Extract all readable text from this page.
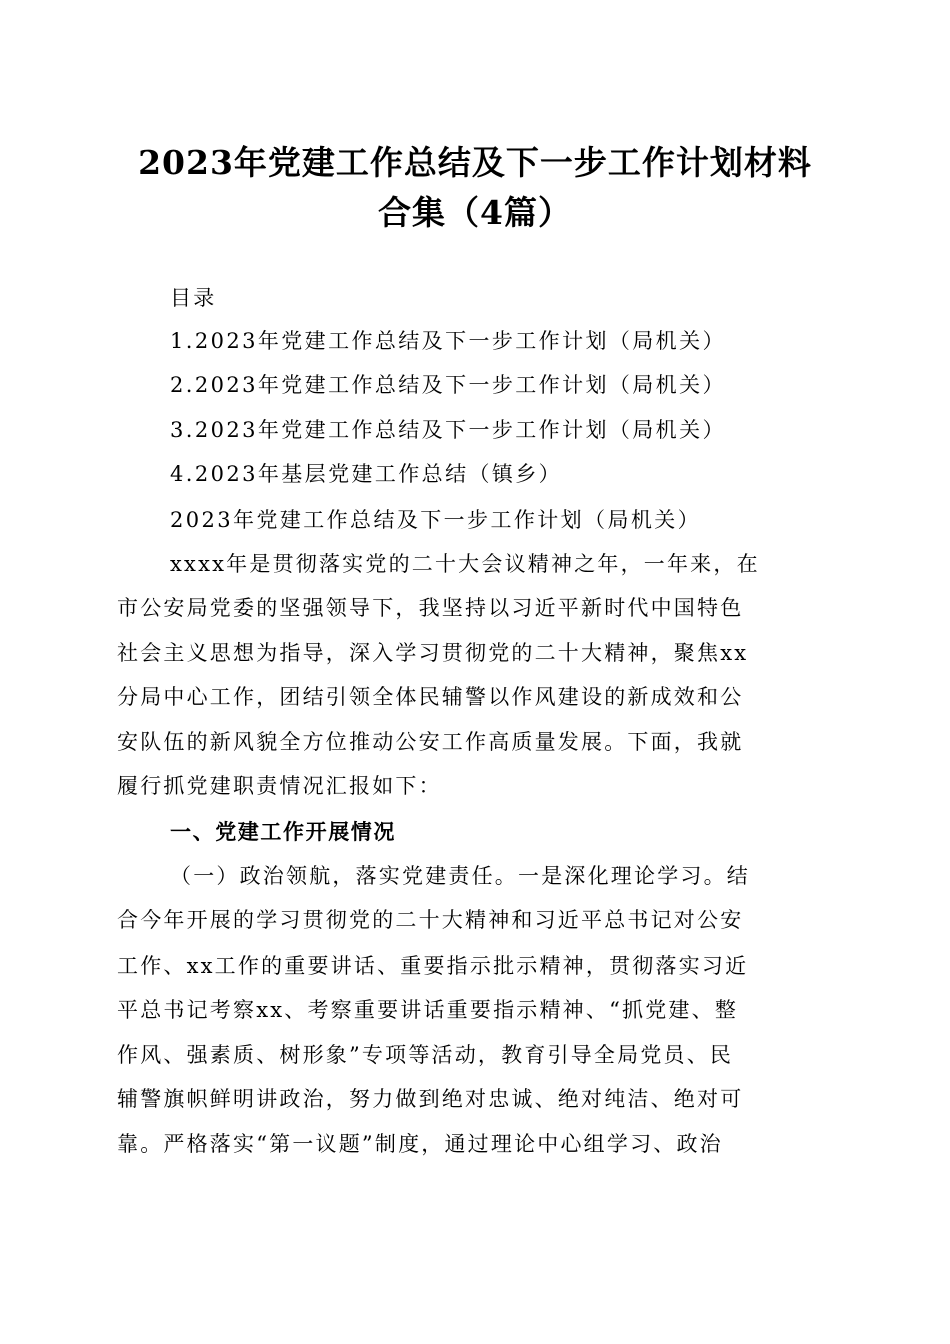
2023年党建工作总结及下一步工作计划材料
合集（4篇）
目录
1.2023年党建工作总结及下一步工作计划（局机关）
2.2023年党建工作总结及下一步工作计划（局机关）
3.2023年党建工作总结及下一步工作计划（局机关）
4.2023年基层党建工作总结（镇乡）
2023年党建工作总结及下一步工作计划（局机关）
xxxx年是贯彻落实党的二十大会议精神之年，一年来，在
市公安局党委的坚强领导下，我坚持以习近平新时代中国特色
社会主义思想为指导，深入学习贯彻党的二十大精神，聚焦xx
分局中心工作，团结引领全体民辅警以作风建设的新成效和公
安队伍的新风貌全方位推动公安工作高质量发展。下面，我就
履行抓党建职责情况汇报如下：
一、党建工作开展情况
（一）政治领航，落实党建责任。一是深化理论学习。结
合今年开展的学习贯彻党的二十大精神和习近平总书记对公安
工作、xx工作的重要讲话、重要指示批示精神，贯彻落实习近
平总书记考察xx、考察重要讲话重要指示精神、“抓党建、整
作风、强素质、树形象”专项等活动，教育引导全局党员、民
辅警旗帜鲜明讲政治，努力做到绝对忠诚、绝对纯洁、绝对可
靠。严格落实“第一议题”制度，通过理论中心组学习、政治
